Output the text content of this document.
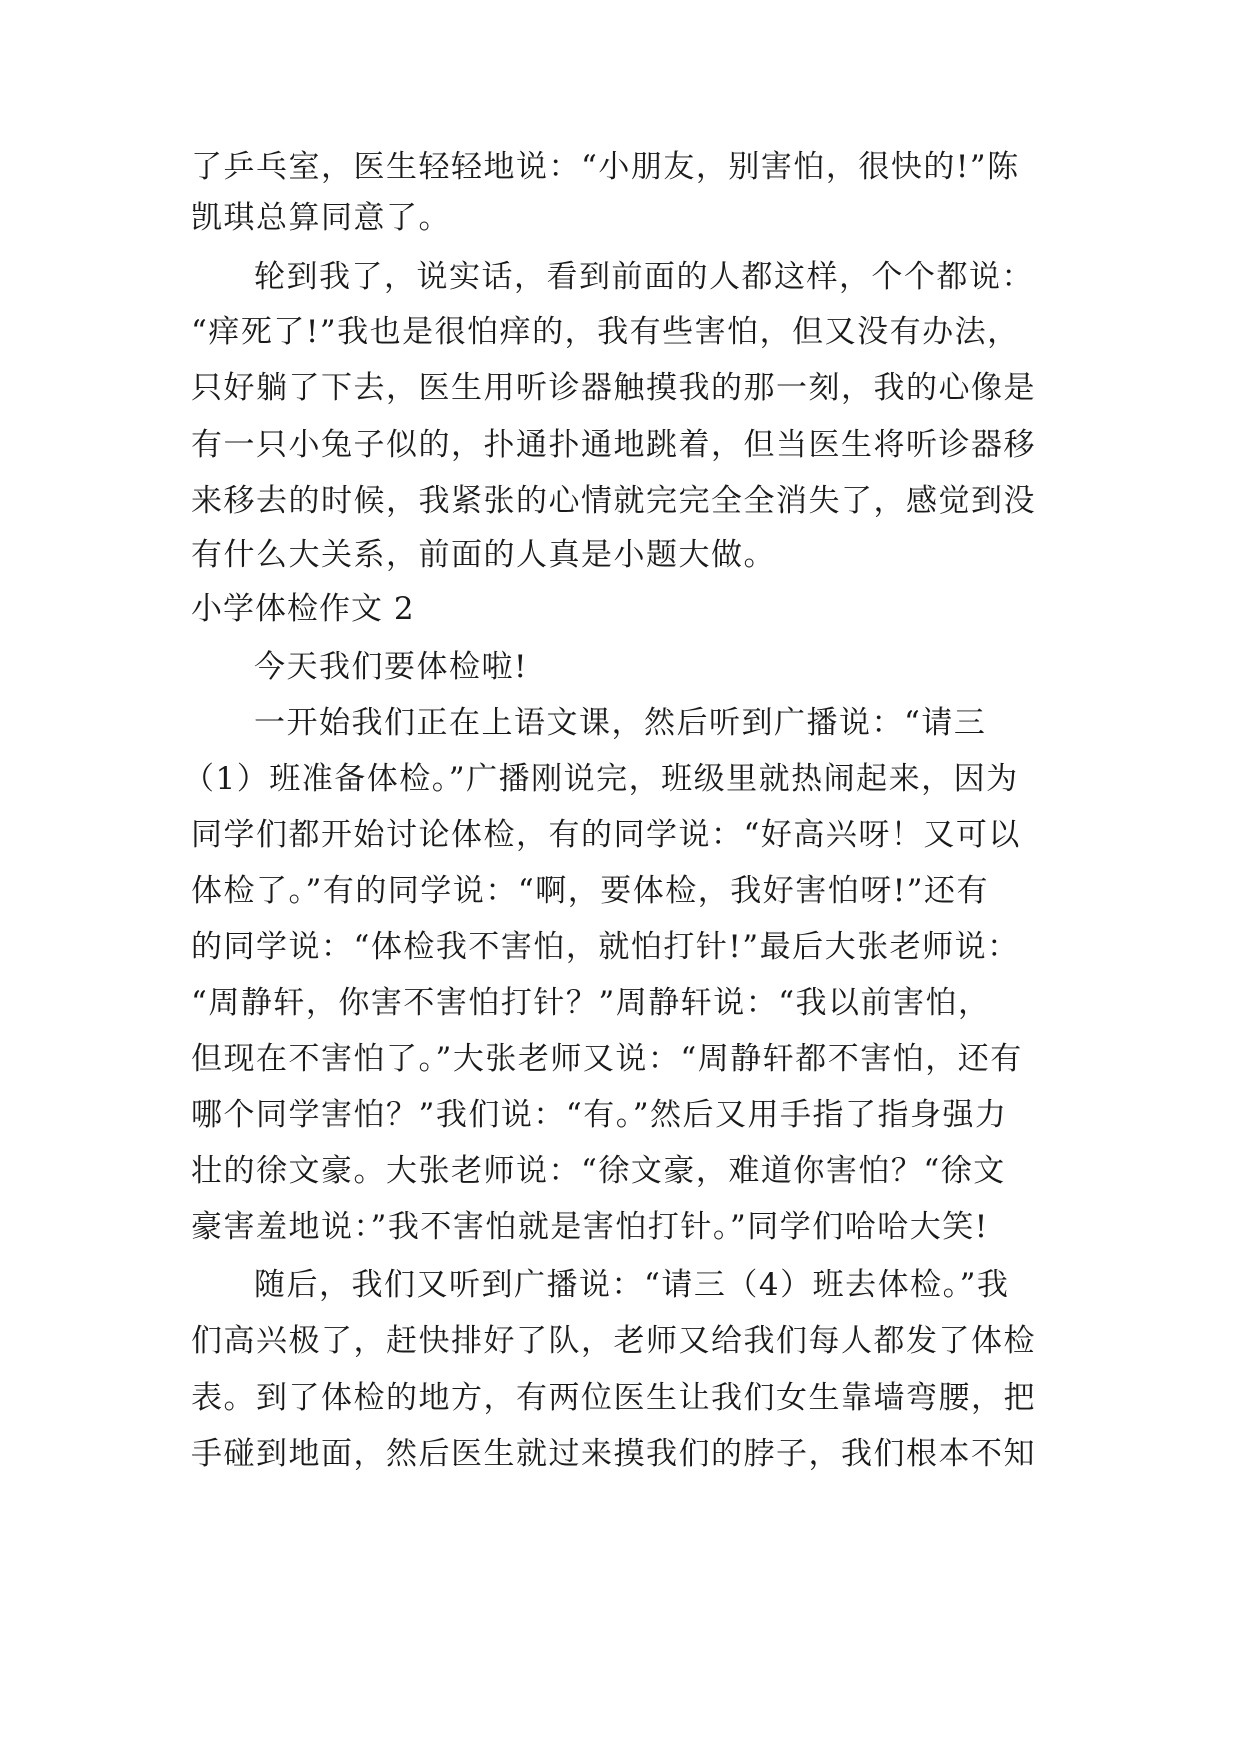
了乒乓室，医生轻轻地说：“小朋友，别害怕，很快的!”陈

凯琪总算同意了。

轮到我了，说实话，看到前面的人都这样，个个都说：

“痒死了!”我也是很怕痒的，我有些害怕，但又没有办法，

只好躺了下去，医生用听诊器触摸我的那一刻，我的心像是

有一只小兔子似的，扑通扑通地跳着，但当医生将听诊器移

来移去的时候，我紧张的心情就完完全全消失了，感觉到没

有什么大关系，前面的人真是小题大做。

小学体检作文 2

今天我们要体检啦!

一开始我们正在上语文课，然后听到广播说：“请三

（1）班准备体检。”广播刚说完，班级里就热闹起来，因为

同学们都开始讨论体检，有的同学说：“好高兴呀！又可以

体检了。”有的同学说：“啊，要体检，我好害怕呀!”还有

的同学说：“体检我不害怕，就怕打针!”最后大张老师说：

“周静轩，你害不害怕打针？”周静轩说：“我以前害怕，

但现在不害怕了。”大张老师又说：“周静轩都不害怕，还有

哪个同学害怕？”我们说：“有。”然后又用手指了指身强力

壮的徐文豪。大张老师说：“徐文豪，难道你害怕？“徐文

豪害羞地说：”我不害怕就是害怕打针。”同学们哈哈大笑!

随后，我们又听到广播说：“请三（4）班去体检。”我

们高兴极了，赶快排好了队，老师又给我们每人都发了体检

表。到了体检的地方，有两位医生让我们女生靠墙弯腰，把

手碰到地面，然后医生就过来摸我们的脖子，我们根本不知
